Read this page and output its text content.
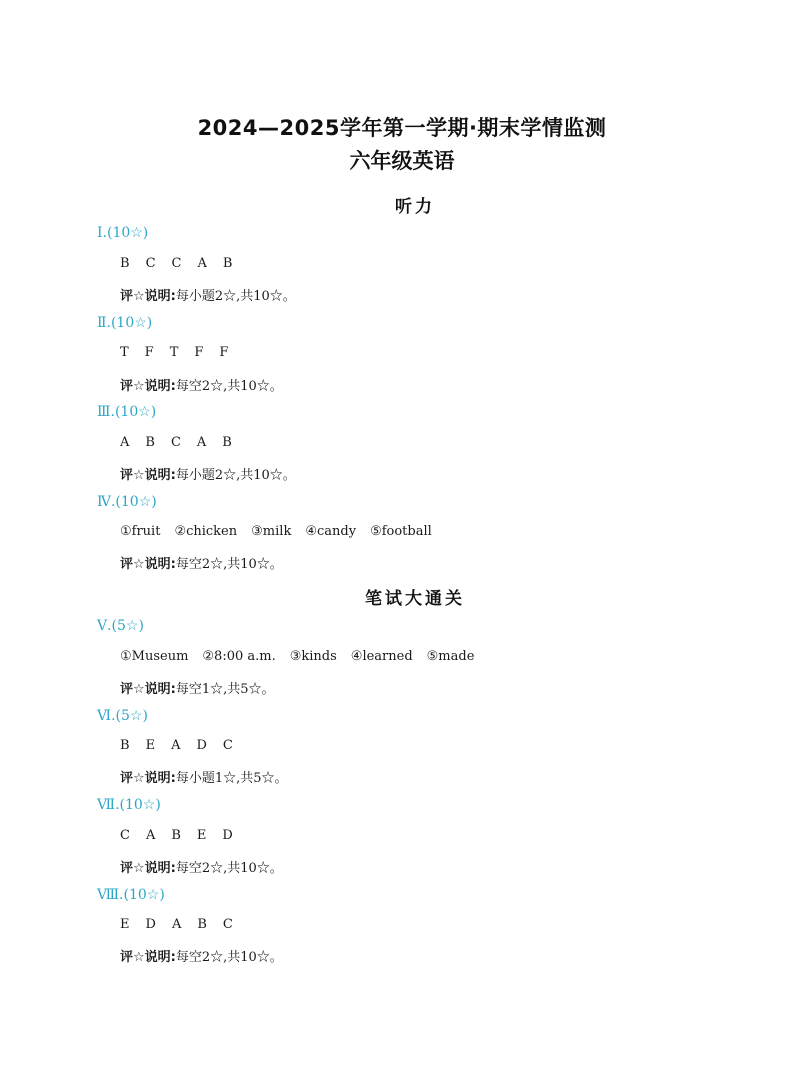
2024—2025学年第一学期·期末学情监测
六年级英语
听力
Ⅰ.(10☆)
B C C A B
评☆说明:每小题2☆,共10☆。
Ⅱ.(10☆)
T F T F F
评☆说明:每空2☆,共10☆。
Ⅲ.(10☆)
A B C A B
评☆说明:每小题2☆,共10☆。
Ⅳ.(10☆)
①fruit ②chicken ③milk ④candy ⑤football
评☆说明:每空2☆,共10☆。
笔试大通关
Ⅴ.(5☆)
①Museum ②8:00 a.m. ③kinds ④learned ⑤made
评☆说明:每空1☆,共5☆。
Ⅵ.(5☆)
B E A D C
评☆说明:每小题1☆,共5☆。
Ⅶ.(10☆)
C A B E D
评☆说明:每空2☆,共10☆。
Ⅷ.(10☆)
E D A B C
评☆说明:每空2☆,共10☆。
